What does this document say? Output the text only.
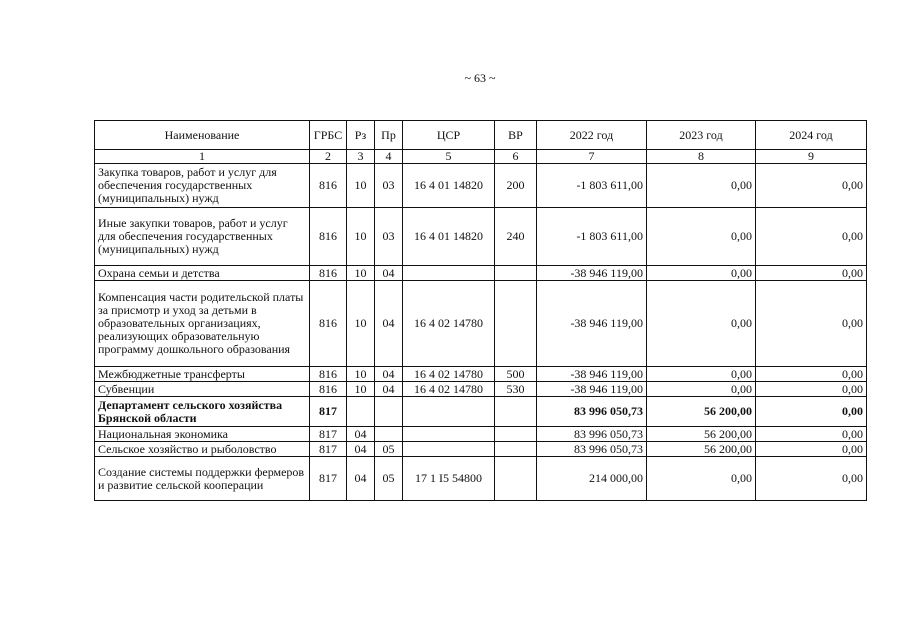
~ 63 ~
Наименование	ГРБС	Рз	Пр	ЦСР	ВР	2022 год	2023 год	2024 год
1	2	3	4	5	6	7	8	9
Закупка товаров, работ и услуг для обеспечения государственных (муниципальных) нужд	816	10	03	16 4 01 14820	200	-1 803 611,00	0,00	0,00
Иные закупки товаров, работ и услуг для обеспечения государственных (муниципальных) нужд	816	10	03	16 4 01 14820	240	-1 803 611,00	0,00	0,00
Охрана семьи и детства	816	10	04			-38 946 119,00	0,00	0,00
Компенсация части родительской платы за присмотр и уход за детьми в образовательных организациях, реализующих образовательную программу дошкольного образования	816	10	04	16 4 02 14780		-38 946 119,00	0,00	0,00
Межбюджетные трансферты	816	10	04	16 4 02 14780	500	-38 946 119,00	0,00	0,00
Субвенции	816	10	04	16 4 02 14780	530	-38 946 119,00	0,00	0,00
Департамент сельского хозяйства Брянской области	817					83 996 050,73	56 200,00	0,00
Национальная экономика	817	04				83 996 050,73	56 200,00	0,00
Сельское хозяйство и рыболовство	817	04	05			83 996 050,73	56 200,00	0,00
Создание системы поддержки фермеров и развитие сельской кооперации	817	04	05	17 1 I5 54800		214 000,00	0,00	0,00
